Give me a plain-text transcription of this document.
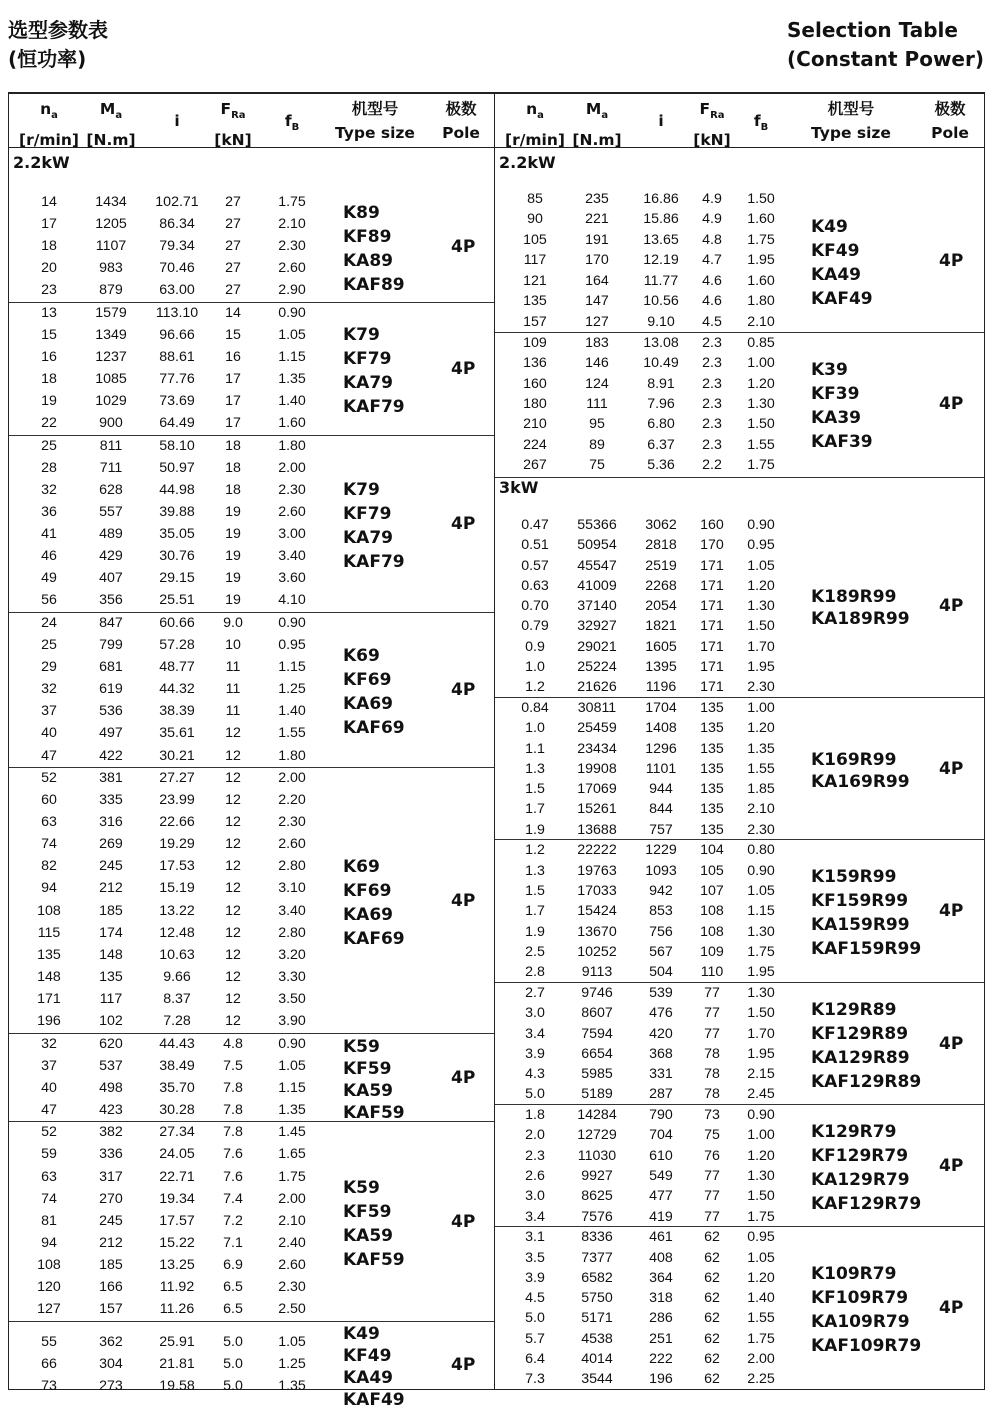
选型参数表
(恒功率)
Selection Table
(Constant Power)
$n_a$
[r/min]
$M_a$
[N.m]
i
$F_{Ra}$
[kN]
$f_B$
机型号
Type size
极数
Pole
2.2kW
14	1434	102.71	27	1.75
17	1205	86.34	27	2.10
18	1107	79.34	27	2.30
20	983	70.46	27	2.60
23	879	63.00	27	2.90
K89
KF89
KA89
KAF89
4P
13	1579	113.10	14	0.90
15	1349	96.66	15	1.05
16	1237	88.61	16	1.15
18	1085	77.76	17	1.35
19	1029	73.69	17	1.40
22	900	64.49	17	1.60
K79
KF79
KA79
KAF79
4P
25	811	58.10	18	1.80
28	711	50.97	18	2.00
32	628	44.98	18	2.30
36	557	39.88	19	2.60
41	489	35.05	19	3.00
46	429	30.76	19	3.40
49	407	29.15	19	3.60
56	356	25.51	19	4.10
K79
KF79
KA79
KAF79
4P
24	847	60.66	9.0	0.90
25	799	57.28	10	0.95
29	681	48.77	11	1.15
32	619	44.32	11	1.25
37	536	38.39	11	1.40
40	497	35.61	12	1.55
47	422	30.21	12	1.80
K69
KF69
KA69
KAF69
4P
52	381	27.27	12	2.00
60	335	23.99	12	2.20
63	316	22.66	12	2.30
74	269	19.29	12	2.60
82	245	17.53	12	2.80
94	212	15.19	12	3.10
108	185	13.22	12	3.40
115	174	12.48	12	2.80
135	148	10.63	12	3.20
148	135	9.66	12	3.30
171	117	8.37	12	3.50
196	102	7.28	12	3.90
K69
KF69
KA69
KAF69
4P
32	620	44.43	4.8	0.90
37	537	38.49	7.5	1.05
40	498	35.70	7.8	1.15
47	423	30.28	7.8	1.35
K59
KF59
KA59
KAF59
4P
52	382	27.34	7.8	1.45
59	336	24.05	7.6	1.65
63	317	22.71	7.6	1.75
74	270	19.34	7.4	2.00
81	245	17.57	7.2	2.10
94	212	15.22	7.1	2.40
108	185	13.25	6.9	2.60
120	166	11.92	6.5	2.30
127	157	11.26	6.5	2.50
K59
KF59
KA59
KAF59
4P
55	362	25.91	5.0	1.05
66	304	21.81	5.0	1.25
73	273	19.58	5.0	1.35
K49
KF49
KA49
KAF49
4P
$n_a$
[r/min]
$M_a$
[N.m]
i
$F_{Ra}$
[kN]
$f_B$
机型号
Type size
极数
Pole
2.2kW
85	235	16.86	4.9	1.50
90	221	15.86	4.9	1.60
105	191	13.65	4.8	1.75
117	170	12.19	4.7	1.95
121	164	11.77	4.6	1.60
135	147	10.56	4.6	1.80
157	127	9.10	4.5	2.10
K49
KF49
KA49
KAF49
4P
109	183	13.08	2.3	0.85
136	146	10.49	2.3	1.00
160	124	8.91	2.3	1.20
180	111	7.96	2.3	1.30
210	95	6.80	2.3	1.50
224	89	6.37	2.3	1.55
267	75	5.36	2.2	1.75
K39
KF39
KA39
KAF39
4P
3kW
0.47	55366	3062	160	0.90
0.51	50954	2818	170	0.95
0.57	45547	2519	171	1.05
0.63	41009	2268	171	1.20
0.70	37140	2054	171	1.30
0.79	32927	1821	171	1.50
0.9	29021	1605	171	1.70
1.0	25224	1395	171	1.95
1.2	21626	1196	171	2.30
K189R99
KA189R99
4P
0.84	30811	1704	135	1.00
1.0	25459	1408	135	1.20
1.1	23434	1296	135	1.35
1.3	19908	1101	135	1.55
1.5	17069	944	135	1.85
1.7	15261	844	135	2.10
1.9	13688	757	135	2.30
K169R99
KA169R99
4P
1.2	22222	1229	104	0.80
1.3	19763	1093	105	0.90
1.5	17033	942	107	1.05
1.7	15424	853	108	1.15
1.9	13670	756	108	1.30
2.5	10252	567	109	1.75
2.8	9113	504	110	1.95
K159R99
KF159R99
KA159R99
KAF159R99
4P
2.7	9746	539	77	1.30
3.0	8607	476	77	1.50
3.4	7594	420	77	1.70
3.9	6654	368	78	1.95
4.3	5985	331	78	2.15
5.0	5189	287	78	2.45
K129R89
KF129R89
KA129R89
KAF129R89
4P
1.8	14284	790	73	0.90
2.0	12729	704	75	1.00
2.3	11030	610	76	1.20
2.6	9927	549	77	1.30
3.0	8625	477	77	1.50
3.4	7576	419	77	1.75
K129R79
KF129R79
KA129R79
KAF129R79
4P
3.1	8336	461	62	0.95
3.5	7377	408	62	1.05
3.9	6582	364	62	1.20
4.5	5750	318	62	1.40
5.0	5171	286	62	1.55
5.7	4538	251	62	1.75
6.4	4014	222	62	2.00
7.3	3544	196	62	2.25
K109R79
KF109R79
KA109R79
KAF109R79
4P
